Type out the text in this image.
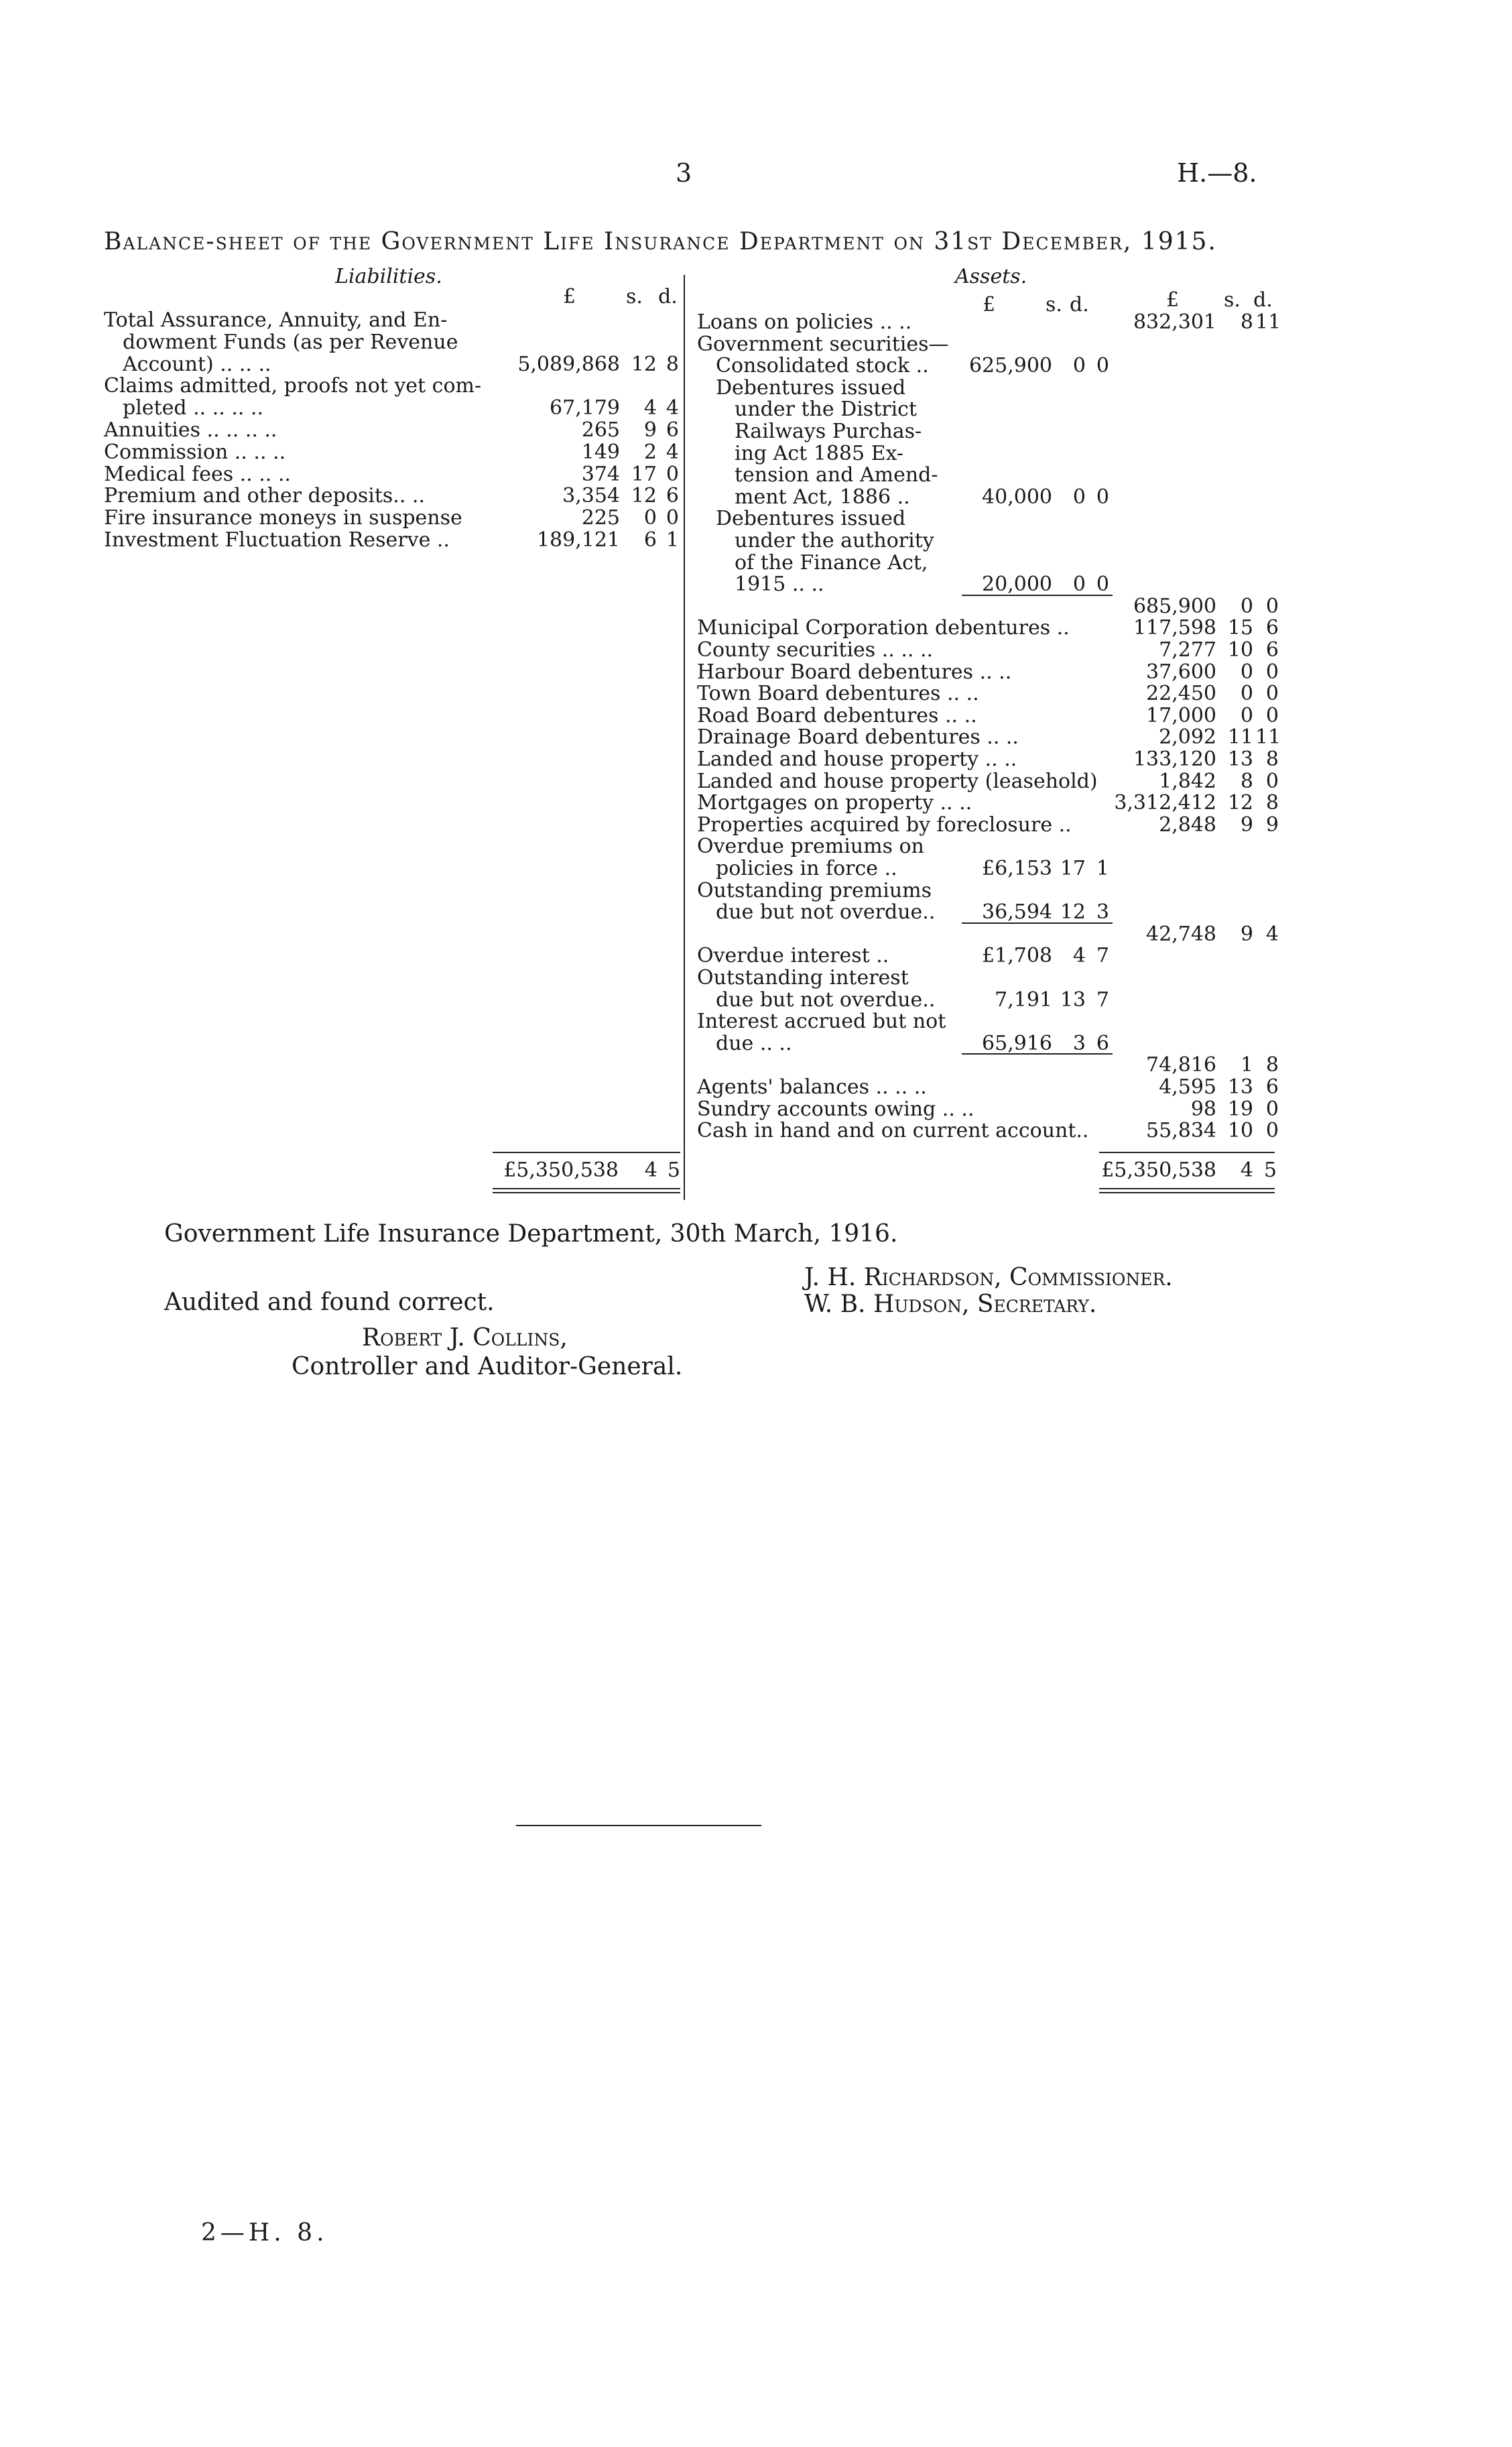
3	H.—8.
Balance-sheet of the Government Life Insurance Department on 31st December, 1915.
Liabilities.
£ s. d.
Total Assurance, Annuity, and En-
dowment Funds (as per Revenue
Account) .. .. ..	5,089,868 12 8
Claims admitted, proofs not yet com-
pleted .. .. .. ..	67,179	4 4
Annuities .. .. .. ..	265	9 6
Commission .. .. ..	149	2 4
Medical fees .. .. ..	374 17 0
Premium and other deposits.. ..	3,354 12 6
Fire insurance moneys in suspense	225	0 0
Investment Fluctuation Reserve ..	189,121	6 1
£5,350,538	4 5
Assets.
£ s. d.	£ s. d.
Loans on policies .. ..	832,301	8 11
Government securities—
Consolidated stock ..	625,900	0 0
Debentures issued
under the District
Railways Purchas-
ing Act 1885 Ex-
tension and Amend-
ment Act, 1886 ..	40,000	0 0
Debentures issued
under the authority
of the Finance Act,
1915 .. ..	20,000	0 0
685,900	0 0
Municipal Corporation debentures ..	117,598 15 6
County securities .. .. ..	7,277 10 6
Harbour Board debentures .. ..	37,600	0 0
Town Board debentures .. ..	22,450	0 0
Road Board debentures .. ..	17,000	0 0
Drainage Board debentures .. ..	2,092 11 11
Landed and house property .. ..	133,120 13 8
Landed and house property (leasehold)	1,842	8 0
Mortgages on property .. ..	3,312,412 12 8
Properties acquired by foreclosure ..	2,848	9 9
Overdue premiums on
policies in force ..	£6,153 17 1
Outstanding premiums
due but not overdue..	36,594 12 3
42,748	9 4
Overdue interest ..	£1,708	4 7
Outstanding interest
due but not overdue..	7,191 13 7
Interest accrued but not
due .. ..	65,916	3 6
74,816	1 8
Agents' balances .. .. ..	4,595 13 6
Sundry accounts owing .. ..	98 19 0
Cash in hand and on current account..	55,834 10 0
£5,350,538	4 5
Government Life Insurance Department, 30th March, 1916.
Audited and found correct.
Robert J. Collins,
Controller and Auditor-General.
J. H. Richardson, Commissioner.
W. B. Hudson, Secretary.
2—H. 8.
